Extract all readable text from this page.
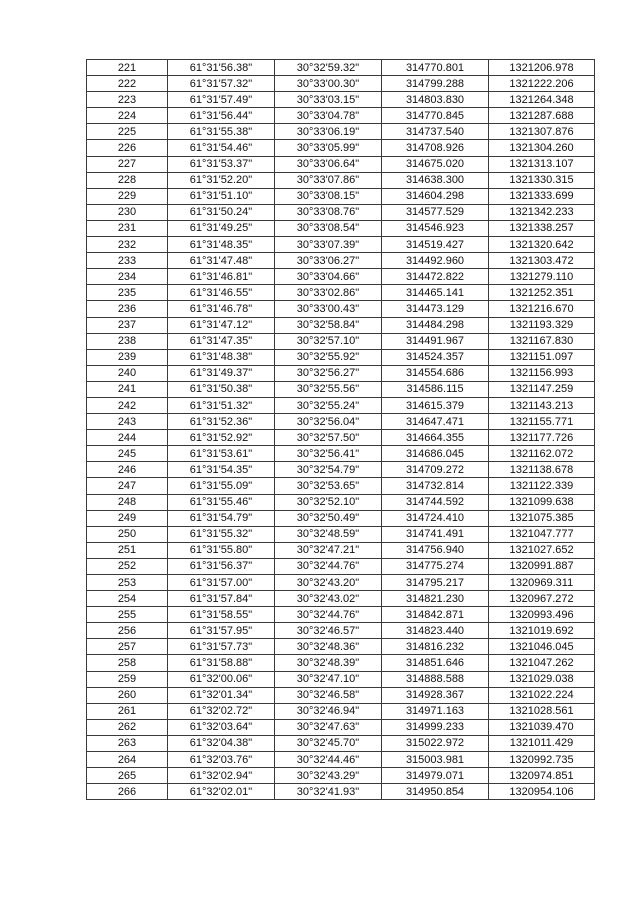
221	61°31'56.38"	30°32'59.32"	314770.801	1321206.978
222	61°31'57.32"	30°33'00.30"	314799.288	1321222.206
223	61°31'57.49"	30°33'03.15"	314803.830	1321264.348
224	61°31'56.44"	30°33'04.78"	314770.845	1321287.688
225	61°31'55.38"	30°33'06.19"	314737.540	1321307.876
226	61°31'54.46"	30°33'05.99"	314708.926	1321304.260
227	61°31'53.37"	30°33'06.64"	314675.020	1321313.107
228	61°31'52.20"	30°33'07.86"	314638.300	1321330.315
229	61°31'51.10"	30°33'08.15"	314604.298	1321333.699
230	61°31'50.24"	30°33'08.76"	314577.529	1321342.233
231	61°31'49.25"	30°33'08.54"	314546.923	1321338.257
232	61°31'48.35"	30°33'07.39"	314519.427	1321320.642
233	61°31'47.48"	30°33'06.27"	314492.960	1321303.472
234	61°31'46.81"	30°33'04.66"	314472.822	1321279.110
235	61°31'46.55"	30°33'02.86"	314465.141	1321252.351
236	61°31'46.78"	30°33'00.43"	314473.129	1321216.670
237	61°31'47.12"	30°32'58.84"	314484.298	1321193.329
238	61°31'47.35"	30°32'57.10"	314491.967	1321167.830
239	61°31'48.38"	30°32'55.92"	314524.357	1321151.097
240	61°31'49.37"	30°32'56.27"	314554.686	1321156.993
241	61°31'50.38"	30°32'55.56"	314586.115	1321147.259
242	61°31'51.32"	30°32'55.24"	314615.379	1321143.213
243	61°31'52.36"	30°32'56.04"	314647.471	1321155.771
244	61°31'52.92"	30°32'57.50"	314664.355	1321177.726
245	61°31'53.61"	30°32'56.41"	314686.045	1321162.072
246	61°31'54.35"	30°32'54.79"	314709.272	1321138.678
247	61°31'55.09"	30°32'53.65"	314732.814	1321122.339
248	61°31'55.46"	30°32'52.10"	314744.592	1321099.638
249	61°31'54.79"	30°32'50.49"	314724.410	1321075.385
250	61°31'55.32"	30°32'48.59"	314741.491	1321047.777
251	61°31'55.80"	30°32'47.21"	314756.940	1321027.652
252	61°31'56.37"	30°32'44.76"	314775.274	1320991.887
253	61°31'57.00"	30°32'43.20"	314795.217	1320969.311
254	61°31'57.84"	30°32'43.02"	314821.230	1320967.272
255	61°31'58.55"	30°32'44.76"	314842.871	1320993.496
256	61°31'57.95"	30°32'46.57"	314823.440	1321019.692
257	61°31'57.73"	30°32'48.36"	314816.232	1321046.045
258	61°31'58.88"	30°32'48.39"	314851.646	1321047.262
259	61°32'00.06"	30°32'47.10"	314888.588	1321029.038
260	61°32'01.34"	30°32'46.58"	314928.367	1321022.224
261	61°32'02.72"	30°32'46.94"	314971.163	1321028.561
262	61°32'03.64"	30°32'47.63"	314999.233	1321039.470
263	61°32'04.38"	30°32'45.70"	315022.972	1321011.429
264	61°32'03.76"	30°32'44.46"	315003.981	1320992.735
265	61°32'02.94"	30°32'43.29"	314979.071	1320974.851
266	61°32'02.01"	30°32'41.93"	314950.854	1320954.106
